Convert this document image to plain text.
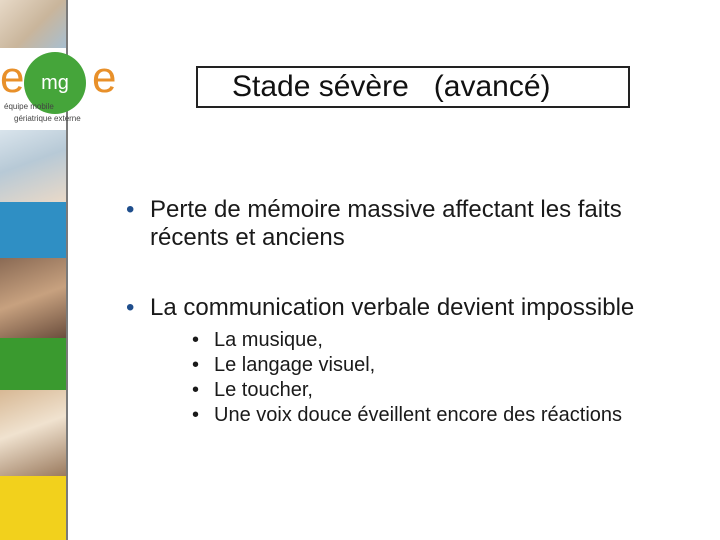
e mg e
équipe mobile
gériatrique externe
Stade sévère   (avancé)
• Perte de mémoire massive affectant les faits récents et anciens
• La communication verbale devient impossible
• La musique,
• Le langage visuel,
• Le toucher,
• Une voix douce éveillent encore des réactions
